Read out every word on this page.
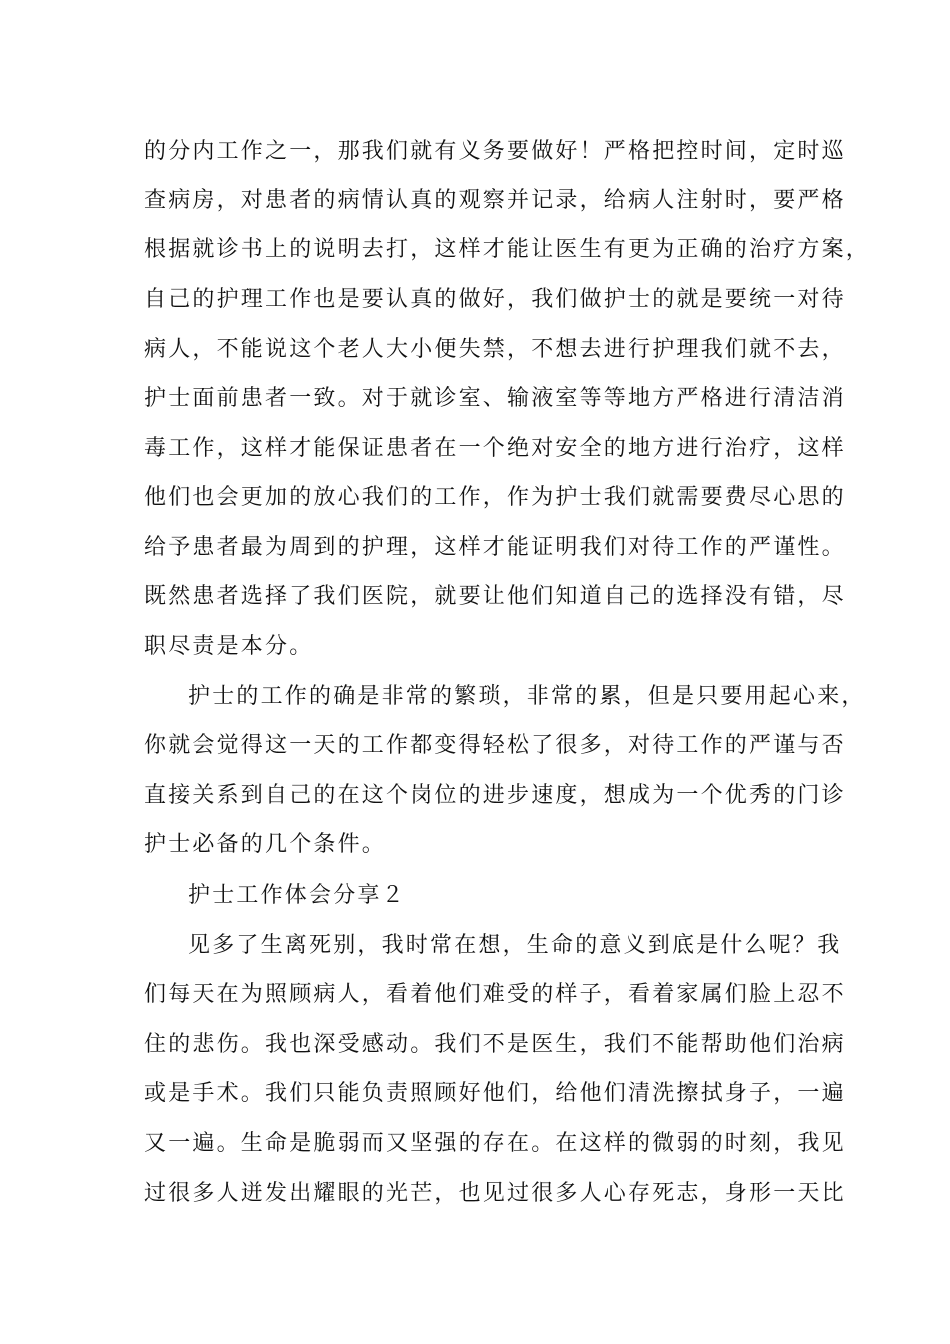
的分内工作之一，那我们就有义务要做好！严格把控时间，定时巡
查病房，对患者的病情认真的观察并记录，给病人注射时，要严格
根据就诊书上的说明去打，这样才能让医生有更为正确的治疗方案，
自己的护理工作也是要认真的做好，我们做护士的就是要统一对待
病人，不能说这个老人大小便失禁，不想去进行护理我们就不去，
护士面前患者一致。对于就诊室、输液室等等地方严格进行清洁消
毒工作，这样才能保证患者在一个绝对安全的地方进行治疗，这样
他们也会更加的放心我们的工作，作为护士我们就需要费尽心思的
给予患者最为周到的护理，这样才能证明我们对待工作的严谨性。
既然患者选择了我们医院，就要让他们知道自己的选择没有错，尽
职尽责是本分。
护士的工作的确是非常的繁琐，非常的累，但是只要用起心来，
你就会觉得这一天的工作都变得轻松了很多，对待工作的严谨与否
直接关系到自己的在这个岗位的进步速度，想成为一个优秀的门诊
护士必备的几个条件。
护士工作体会分享２
见多了生离死别，我时常在想，生命的意义到底是什么呢？我
们每天在为照顾病人，看着他们难受的样子，看着家属们脸上忍不
住的悲伤。我也深受感动。我们不是医生，我们不能帮助他们治病
或是手术。我们只能负责照顾好他们，给他们清洗擦拭身子，一遍
又一遍。生命是脆弱而又坚强的存在。在这样的微弱的时刻，我见
过很多人迸发出耀眼的光芒，也见过很多人心存死志，身形一天比
